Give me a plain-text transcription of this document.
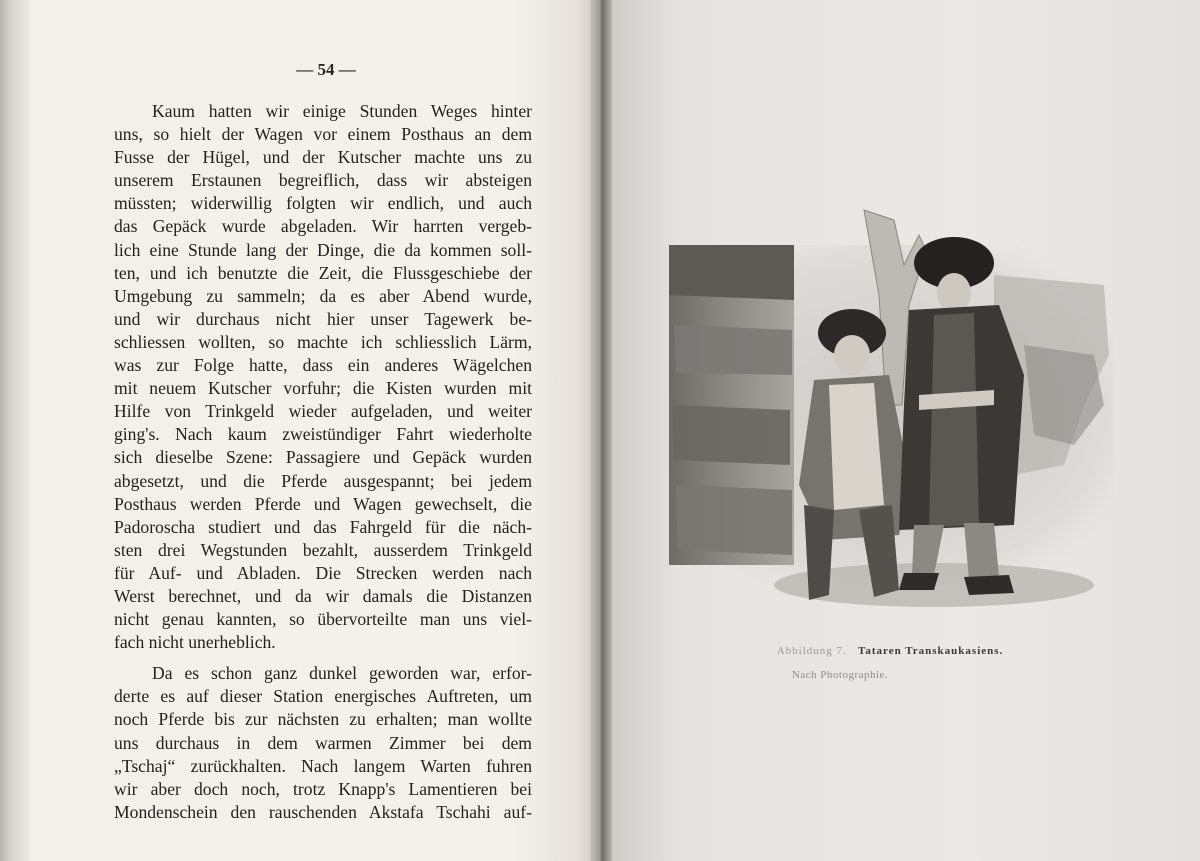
— 54 —
Kaum hatten wir einige Stunden Weges hinter
uns, so hielt der Wagen vor einem Posthaus an dem
Fusse der Hügel, und der Kutscher machte uns zu
unserem Erstaunen begreiflich, dass wir absteigen
müssten; widerwillig folgten wir endlich, und auch
das Gepäck wurde abgeladen. Wir harrten vergeb-
lich eine Stunde lang der Dinge, die da kommen soll-
ten, und ich benutzte die Zeit, die Flussgeschiebe der
Umgebung zu sammeln; da es aber Abend wurde,
und wir durchaus nicht hier unser Tagewerk be-
schliessen wollten, so machte ich schliesslich Lärm,
was zur Folge hatte, dass ein anderes Wägelchen
mit neuem Kutscher vorfuhr; die Kisten wurden mit
Hilfe von Trinkgeld wieder aufgeladen, und weiter
ging's. Nach kaum zweistündiger Fahrt wiederholte
sich dieselbe Szene: Passagiere und Gepäck wurden
abgesetzt, und die Pferde ausgespannt; bei jedem
Posthaus werden Pferde und Wagen gewechselt, die
Padoroscha studiert und das Fahrgeld für die näch-
sten drei Wegstunden bezahlt, ausserdem Trinkgeld
für Auf- und Abladen. Die Strecken werden nach
Werst berechnet, und da wir damals die Distanzen
nicht genau kannten, so übervorteilte man uns viel-
fach nicht unerheblich.
Da es schon ganz dunkel geworden war, erfor-
derte es auf dieser Station energisches Auftreten, um
noch Pferde bis zur nächsten zu erhalten; man wollte
uns durchaus in dem warmen Zimmer bei dem
„Tschaj“ zurückhalten. Nach langem Warten fuhren
wir aber doch noch, trotz Knapp's Lamentieren bei
Mondenschein den rauschenden Akstafa Tschahi auf-
Abbildung 7. Tataren Transkaukasiens.
Nach Photographie.
